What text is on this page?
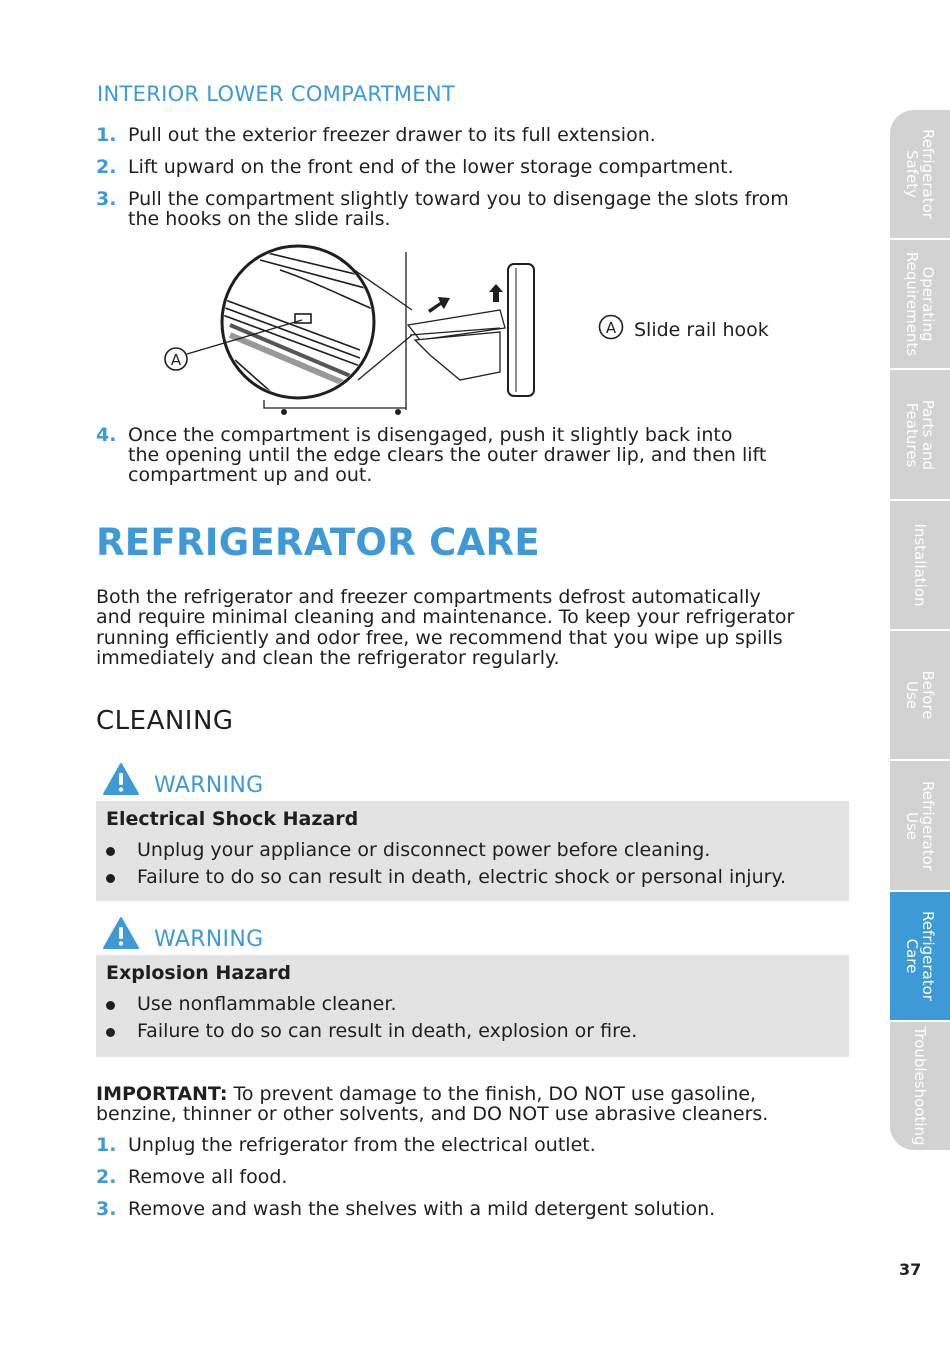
INTERIOR LOWER COMPARTMENT
1. Pull out the exterior freezer drawer to its full extension.
2. Lift upward on the front end of the lower storage compartment.
3. Pull the compartment slightly toward you to disengage the slots from
the hooks on the slide rails.
A
A Slide rail hook
4. Once the compartment is disengaged, push it slightly back into
the opening until the edge clears the outer drawer lip, and then lift
compartment up and out.
REFRIGERATOR CARE
Both the refrigerator and freezer compartments defrost automatically
and require minimal cleaning and maintenance. To keep your refrigerator
running efficiently and odor free, we recommend that you wipe up spills
immediately and clean the refrigerator regularly.
CLEANING
WARNING
Electrical Shock Hazard
Unplug your appliance or disconnect power before cleaning.
Failure to do so can result in death, electric shock or personal injury.
WARNING
Explosion Hazard
Use nonflammable cleaner.
Failure to do so can result in death, explosion or fire.
IMPORTANT: To prevent damage to the finish, DO NOT use gasoline,
benzine, thinner or other solvents, and DO NOT use abrasive cleaners.
1. Unplug the refrigerator from the electrical outlet.
2. Remove all food.
3. Remove and wash the shelves with a mild detergent solution.
Refrigerator
Safety
Operating
Requirements
Parts and
Features
Installation
Before
Use
Refrigerator
Use
Refrigerator
Care
Troubleshooting
37
